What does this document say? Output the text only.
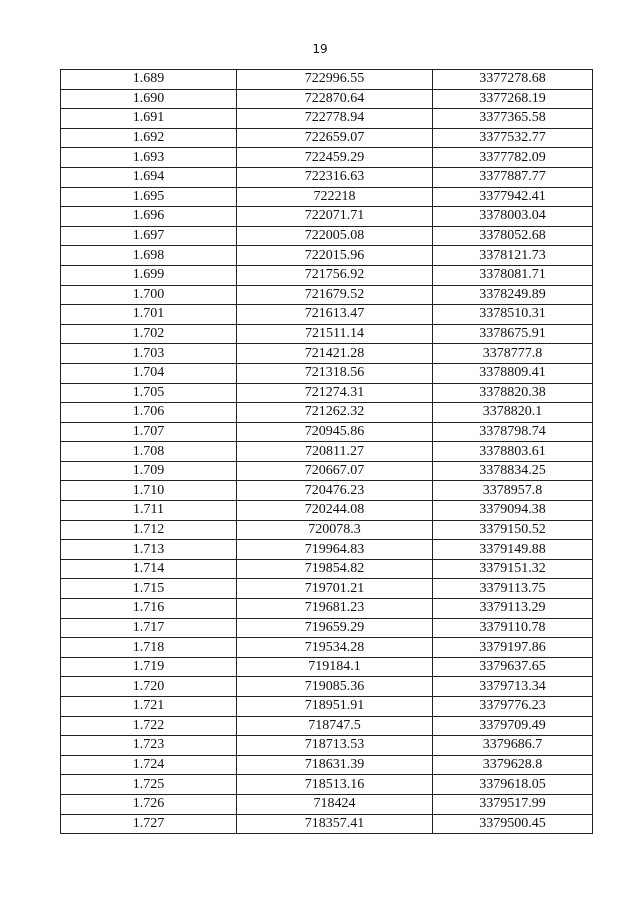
19
1.689	722996.55	3377278.68
1.690	722870.64	3377268.19
1.691	722778.94	3377365.58
1.692	722659.07	3377532.77
1.693	722459.29	3377782.09
1.694	722316.63	3377887.77
1.695	722218	3377942.41
1.696	722071.71	3378003.04
1.697	722005.08	3378052.68
1.698	722015.96	3378121.73
1.699	721756.92	3378081.71
1.700	721679.52	3378249.89
1.701	721613.47	3378510.31
1.702	721511.14	3378675.91
1.703	721421.28	3378777.8
1.704	721318.56	3378809.41
1.705	721274.31	3378820.38
1.706	721262.32	3378820.1
1.707	720945.86	3378798.74
1.708	720811.27	3378803.61
1.709	720667.07	3378834.25
1.710	720476.23	3378957.8
1.711	720244.08	3379094.38
1.712	720078.3	3379150.52
1.713	719964.83	3379149.88
1.714	719854.82	3379151.32
1.715	719701.21	3379113.75
1.716	719681.23	3379113.29
1.717	719659.29	3379110.78
1.718	719534.28	3379197.86
1.719	719184.1	3379637.65
1.720	719085.36	3379713.34
1.721	718951.91	3379776.23
1.722	718747.5	3379709.49
1.723	718713.53	3379686.7
1.724	718631.39	3379628.8
1.725	718513.16	3379618.05
1.726	718424	3379517.99
1.727	718357.41	3379500.45
